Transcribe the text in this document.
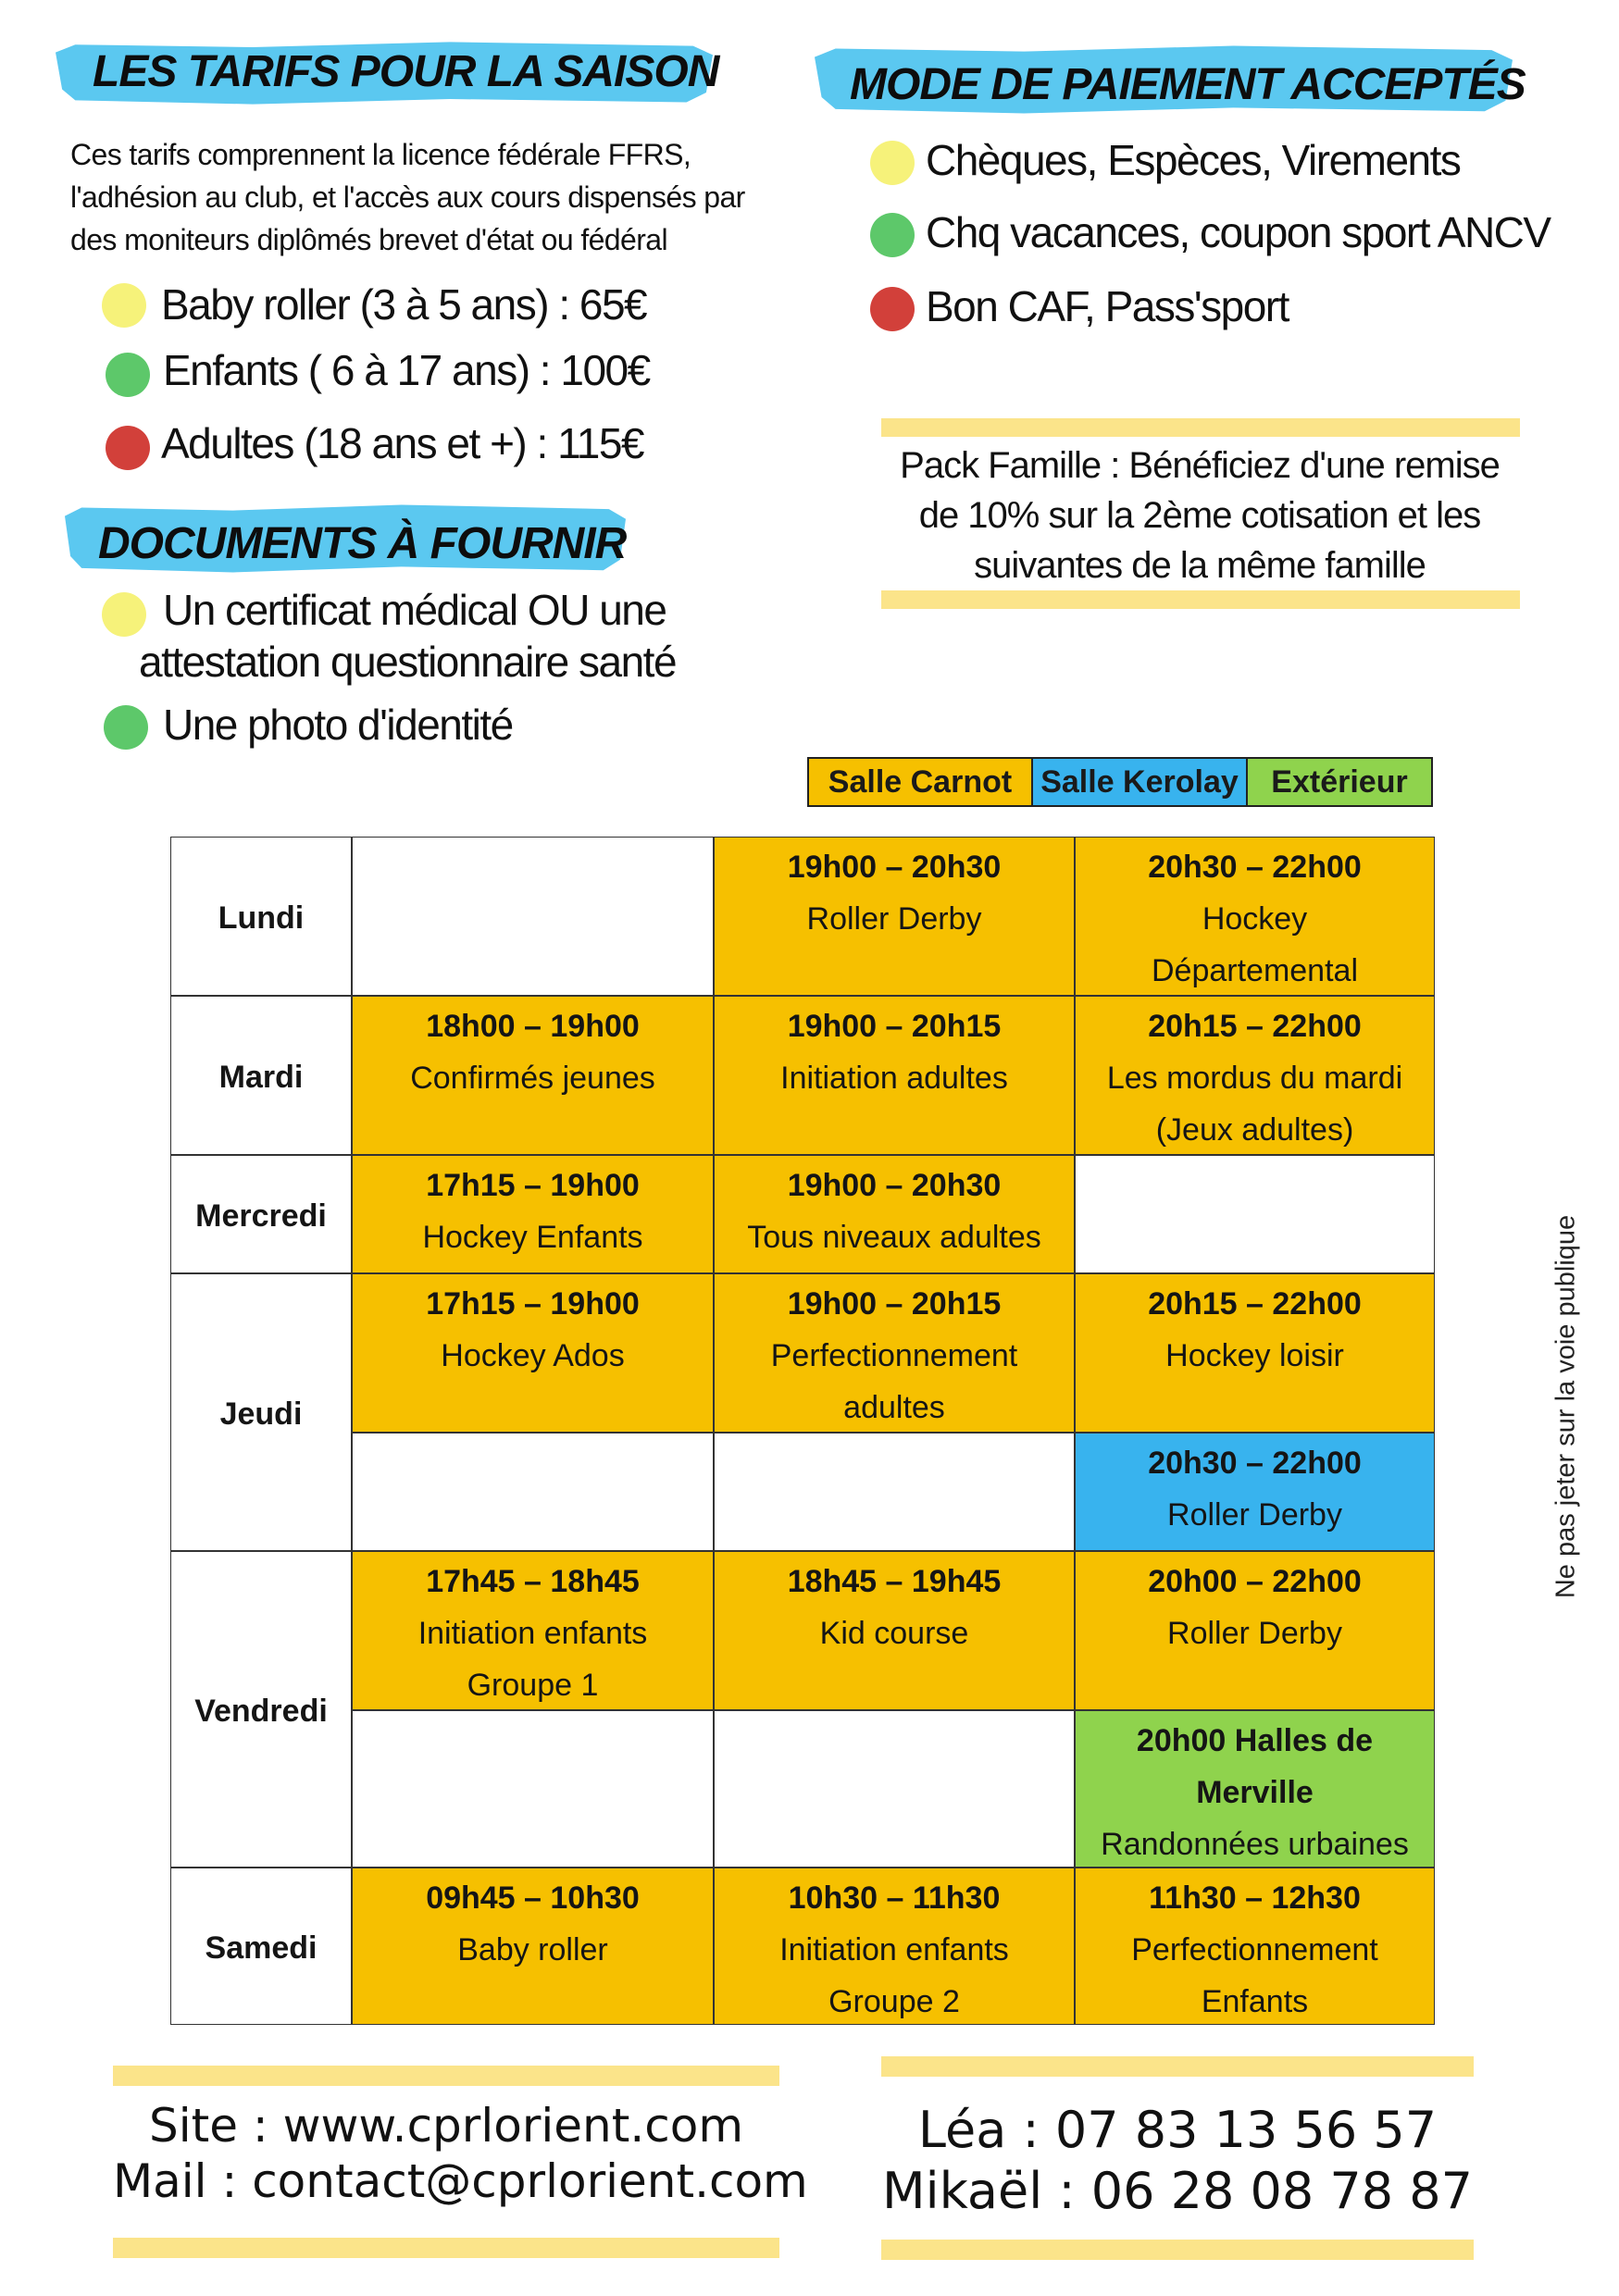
LES TARIFS POUR LA SAISON
Ces tarifs comprennent la licence fédérale FFRS,
l'adhésion au club, et l'accès aux cours dispensés par
des moniteurs diplômés brevet d'état ou fédéral
Baby roller (3 à 5 ans) : 65€
Enfants ( 6 à 17 ans) : 100€
Adultes (18 ans et +) : 115€
DOCUMENTS À FOURNIR
Un certificat médical OU une
attestation questionnaire santé
Une photo d'identité
MODE DE PAIEMENT ACCEPTÉS
Chèques, Espèces, Virements
Chq vacances, coupon sport ANCV
Bon CAF, Pass'sport
Pack Famille : Bénéficiez d'une remise
de 10% sur la 2ème cotisation et les
suivantes de la même famille
Salle Carnot Salle Kerolay	Extérieur
Lundi
Mardi
Mercredi
Jeudi
Vendredi
Samedi
19h00 – 20h30
Roller Derby
20h30 – 22h00
Hockey
Départemental
18h00 – 19h00
Confirmés jeunes
19h00 – 20h15
Initiation adultes
20h15 – 22h00
Les mordus du mardi
(Jeux adultes)
17h15 – 19h00
Hockey Enfants
19h00 – 20h30
Tous niveaux adultes
17h15 – 19h00
Hockey Ados
19h00 – 20h15
Perfectionnement
adultes
20h15 – 22h00
Hockey loisir
20h30 – 22h00
Roller Derby
17h45 – 18h45
Initiation enfants
Groupe 1
18h45 – 19h45
Kid course
20h00 – 22h00
Roller Derby
20h00 Halles de
Merville
Randonnées urbaines
09h45 – 10h30
Baby roller
10h30 – 11h30
Initiation enfants
Groupe 2
11h30 – 12h30
Perfectionnement
Enfants
Ne pas jeter sur la voie publique
Site : www.cprlorient.com
Mail : contact@cprlorient.com
Léa : 07 83 13 56 57
Mikaël : 06 28 08 78 87
